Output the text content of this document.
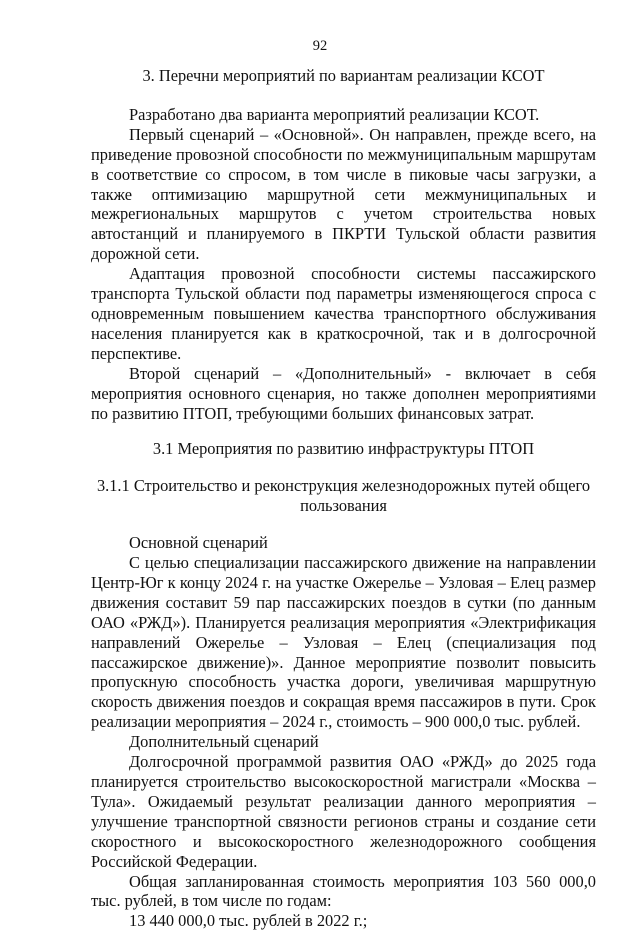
92

3. Перечни мероприятий по вариантам реализации КСОТ

Разработано два варианта мероприятий реализации КСОТ.

Первый сценарий – «Основной». Он направлен, прежде всего, на приведение провозной способности по межмуниципальным маршрутам в соответствие со спросом, в том числе в пиковые часы загрузки, а также оптимизацию маршрутной сети межмуниципальных и межрегиональных маршрутов с учетом строительства новых автостанций и планируемого в ПКРТИ Тульской области развития дорожной сети.

Адаптация провозной способности системы пассажирского транспорта Тульской области под параметры изменяющегося спроса с одновременным повышением качества транспортного обслуживания населения планируется как в краткосрочной, так и в долгосрочной перспективе.

Второй сценарий – «Дополнительный» - включает в себя мероприятия основного сценария, но также дополнен мероприятиями по развитию ПТОП, требующими больших финансовых затрат.

3.1 Мероприятия по развитию инфраструктуры ПТОП

3.1.1 Строительство и реконструкция железнодорожных путей общего пользования

Основной сценарий

С целью специализации пассажирского движение на направлении Центр-Юг к концу 2024 г. на участке Ожерелье – Узловая – Елец размер движения составит 59 пар пассажирских поездов в сутки (по данным ОАО «РЖД»). Планируется реализация мероприятия «Электрификация направлений Ожерелье – Узловая – Елец (специализация под пассажирское движение)». Данное мероприятие позволит повысить пропускную способность участка дороги, увеличивая маршрутную скорость движения поездов и сокращая время пассажиров в пути. Срок реализации мероприятия – 2024 г., стоимость – 900 000,0 тыс. рублей.

Дополнительный сценарий

Долгосрочной программой развития ОАО «РЖД» до 2025 года планируется строительство высокоскоростной магистрали «Москва – Тула». Ожидаемый результат реализации данного мероприятия – улучшение транспортной связности регионов страны и создание сети скоростного и высокоскоростного железнодорожного сообщения Российской Федерации.

Общая запланированная стоимость мероприятия 103 560 000,0 тыс. рублей, в том числе по годам:

13 440 000,0 тыс. рублей в 2022 г.;
